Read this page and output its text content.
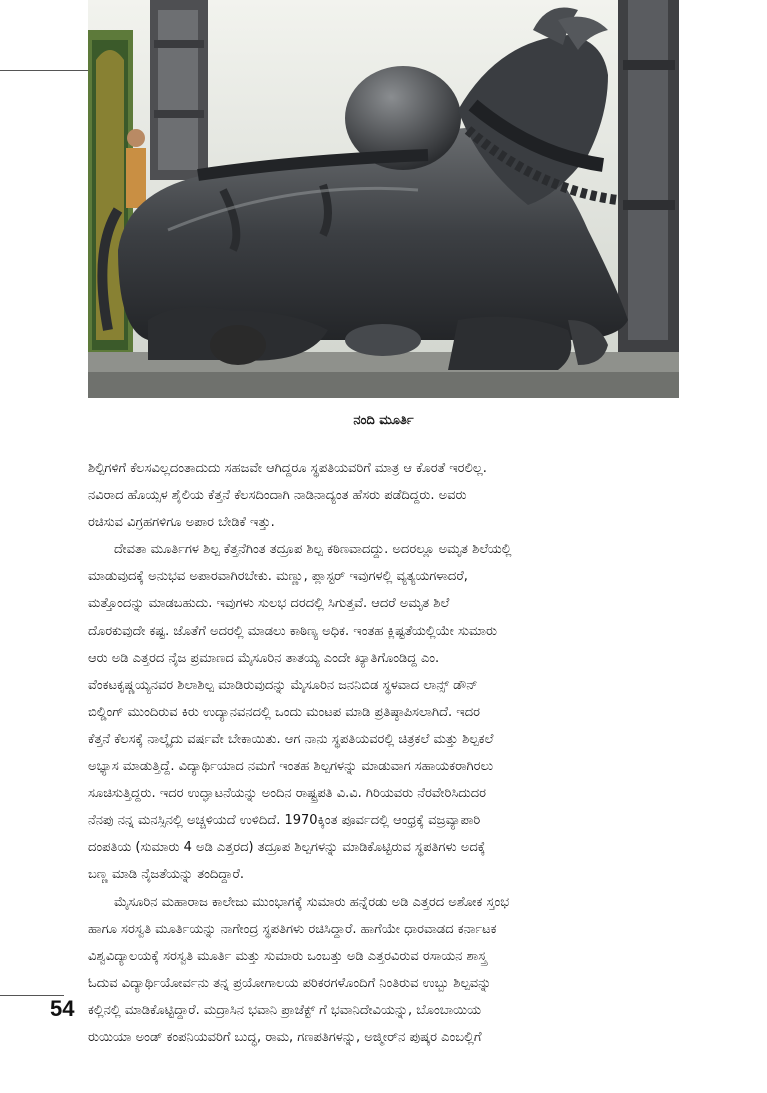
ನಂದಿ ಮೂರ್ತಿ
ಶಿಲ್ಪಿಗಳಿಗೆ ಕೆಲಸವಿಲ್ಲದಂತಾದುದು ಸಹಜವೇ ಆಗಿದ್ದರೂ ಸ್ಥಪತಿಯವರಿಗೆ ಮಾತ್ರ ಆ ಕೊರತೆ ಇರಲಿಲ್ಲ.
ನವಿರಾದ ಹೊಯ್ಸಳ ಶೈಲಿಯ ಕೆತ್ತನೆ ಕೆಲಸದಿಂದಾಗಿ ನಾಡಿನಾದ್ಯಂತ ಹೆಸರು ಪಡೆದಿದ್ದರು. ಅವರು
ರಚಿಸುವ ವಿಗ್ರಹಗಳಿಗೂ ಅಪಾರ ಬೇಡಿಕೆ ಇತ್ತು.
ದೇವತಾ ಮೂರ್ತಿಗಳ ಶಿಲ್ಪ ಕೆತ್ತನೆಗಿಂತ ತದ್ರೂಪ ಶಿಲ್ಪ ಕಠಿಣವಾದದ್ದು. ಅದರಲ್ಲೂ ಅಮೃತ ಶಿಲೆಯಲ್ಲಿ
ಮಾಡುವುದಕ್ಕೆ ಅನುಭವ ಅಪಾರವಾಗಿರಬೇಕು. ಮಣ್ಣು, ಪ್ಲಾಸ್ಟರ್ ಇವುಗಳಲ್ಲಿ ವ್ಯತ್ಯಯಗಳಾದರೆ,
ಮತ್ತೊಂದನ್ನು ಮಾಡಬಹುದು. ಇವುಗಳು ಸುಲಭ ದರದಲ್ಲಿ ಸಿಗುತ್ತವೆ. ಆದರೆ ಅಮೃತ ಶಿಲೆ
ದೊರಕುವುದೇ ಕಷ್ಟ. ಜೊತೆಗೆ ಅದರಲ್ಲಿ ಮಾಡಲು ಕಾಠಿಣ್ಯ ಅಧಿಕ. ಇಂತಹ ಕ್ಲಿಷ್ಟತೆಯಲ್ಲಿಯೇ ಸುಮಾರು
ಆರು ಅಡಿ ಎತ್ತರದ ನೈಜ ಪ್ರಮಾಣದ ಮೈಸೂರಿನ ತಾತಯ್ಯ ಎಂದೇ ಖ್ಯಾತಿಗೊಂಡಿದ್ದ ಎಂ.
ವೆಂಕಟಕೃಷ್ಣಯ್ಯನವರ ಶಿಲಾಶಿಲ್ಪ ಮಾಡಿರುವುದನ್ನು ಮೈಸೂರಿನ ಜನನಿಬಿಡ ಸ್ಥಳವಾದ ಲಾನ್ಸ್ ಡೌನ್
ಬಿಲ್ಡಿಂಗ್ ಮುಂದಿರುವ ಕಿರು ಉದ್ಯಾನವನದಲ್ಲಿ ಒಂದು ಮಂಟಪ ಮಾಡಿ ಪ್ರತಿಷ್ಠಾಪಿಸಲಾಗಿದೆ. ಇದರ
ಕೆತ್ತನೆ ಕೆಲಸಕ್ಕೆ ನಾಲ್ಕೈದು ವರ್ಷವೇ ಬೇಕಾಯಿತು. ಆಗ ನಾನು ಸ್ಥಪತಿಯವರಲ್ಲಿ ಚಿತ್ರಕಲೆ ಮತ್ತು ಶಿಲ್ಪಕಲೆ
ಅಭ್ಯಾಸ ಮಾಡುತ್ತಿದ್ದೆ. ವಿದ್ಯಾರ್ಥಿಯಾದ ನಮಗೆ ಇಂತಹ ಶಿಲ್ಪಗಳನ್ನು ಮಾಡುವಾಗ ಸಹಾಯಕರಾಗಿರಲು
ಸೂಚಿಸುತ್ತಿದ್ದರು. ಇದರ ಉದ್ಘಾಟನೆಯನ್ನು ಅಂದಿನ ರಾಷ್ಟ್ರಪತಿ ವಿ.ವಿ. ಗಿರಿಯವರು ನೆರವೇರಿಸಿದುದರ
ನೆನಪು ನನ್ನ ಮನಸ್ಸಿನಲ್ಲಿ ಅಚ್ಚಳಿಯದೆ ಉಳಿದಿದೆ. 1970ಕ್ಕಿಂತ ಪೂರ್ವದಲ್ಲಿ ಆಂಧ್ರಕ್ಕೆ ವಜ್ರವ್ಯಾಪಾರಿ
ದಂಪತಿಯ (ಸುಮಾರು 4 ಅಡಿ ಎತ್ತರದ) ತದ್ರೂಪ ಶಿಲ್ಪಗಳನ್ನು ಮಾಡಿಕೊಟ್ಟಿರುವ ಸ್ಥಪತಿಗಳು ಅದಕ್ಕೆ
ಬಣ್ಣ ಮಾಡಿ ನೈಜತೆಯನ್ನು ತಂದಿದ್ದಾರೆ.
ಮೈಸೂರಿನ ಮಹಾರಾಜ ಕಾಲೇಜು ಮುಂಭಾಗಕ್ಕೆ ಸುಮಾರು ಹನ್ನೆರಡು ಅಡಿ ಎತ್ತರದ ಅಶೋಕ ಸ್ತಂಭ
ಹಾಗೂ ಸರಸ್ವತಿ ಮೂರ್ತಿಯನ್ನು ನಾಗೇಂದ್ರ ಸ್ಥಪತಿಗಳು ರಚಿಸಿದ್ದಾರೆ. ಹಾಗೆಯೇ ಧಾರವಾಡದ ಕರ್ನಾಟಕ
ವಿಶ್ವವಿದ್ಯಾಲಯಕ್ಕೆ ಸರಸ್ವತಿ ಮೂರ್ತಿ ಮತ್ತು ಸುಮಾರು ಒಂಬತ್ತು ಅಡಿ ಎತ್ತರವಿರುವ ರಸಾಯನ ಶಾಸ್ತ್ರ
ಓದುವ ವಿದ್ಯಾರ್ಥಿಯೋರ್ವನು ತನ್ನ ಪ್ರಯೋಗಾಲಯ ಪರಿಕರಗಳೊಂದಿಗೆ ನಿಂತಿರುವ ಉಬ್ಬು ಶಿಲ್ಪವನ್ನು
ಕಲ್ಲಿನಲ್ಲಿ ಮಾಡಿಕೊಟ್ಟಿದ್ದಾರೆ. ಮದ್ರಾಸಿನ ಭವಾನಿ ಪ್ರಾಜೆಕ್ಟ್ ಗೆ ಭವಾನಿದೇವಿಯನ್ನು, ಬೊಂಬಾಯಿಯ
ರುಯಿಯಾ ಅಂಡ್ ಕಂಪನಿಯವರಿಗೆ ಬುದ್ಧ, ರಾಮ, ಗಣಪತಿಗಳನ್ನು, ಅಜ್ಮೀರ್‌ನ ಪುಷ್ಕರ ಎಂಬಲ್ಲಿಗೆ
54
